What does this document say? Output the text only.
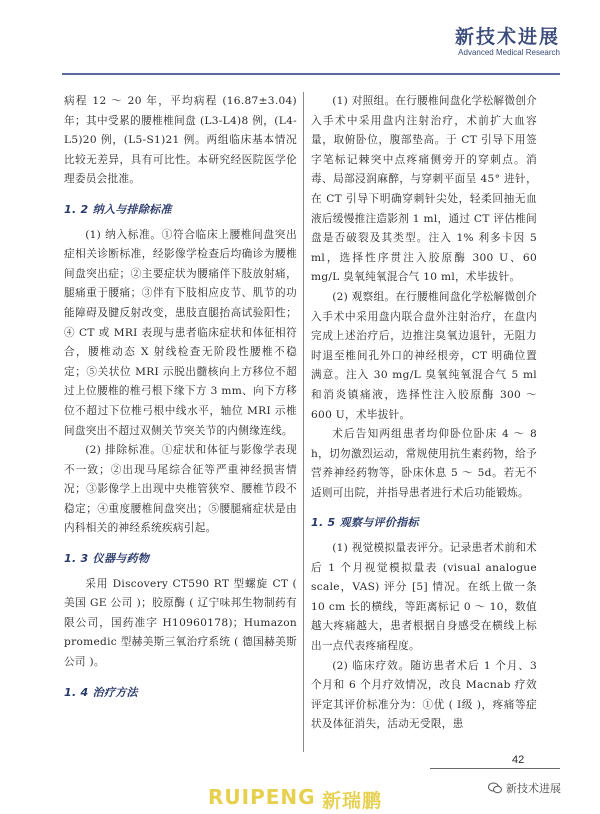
新技术进展
Advanced Medical Research

病程 12 ～ 20 年，平均病程 (16.87±3.04) 年；其中受累的腰椎椎间盘 (L3-L4)8 例，(L4-L5)20 例，(L5-S1)21 例。两组临床基本情况比较无差异，具有可比性。本研究经医院医学伦理委员会批准。

1. 2 纳入与排除标准

(1) 纳入标准。①符合临床上腰椎间盘突出症相关诊断标准，经影像学检查后均确诊为腰椎间盘突出症；②主要症状为腰痛伴下肢放射痛，腿痛重于腰痛；③伴有下肢相应皮节、肌节的功能障碍及腱反射改变，患肢直腿抬高试验阳性；④ CT 或 MRI 表现与患者临床症状和体征相符合，腰椎动态 X 射线检查无阶段性腰椎不稳定；⑤关状位 MRI 示脱出髓核向上方移位不超过上位腰椎的椎弓根下缘下方 3 mm、向下方移位不超过下位椎弓根中线水平，轴位 MRI 示椎间盘突出不超过双侧关节突关节的内侧缘连线。

(2) 排除标准。①症状和体征与影像学表现不一致；②出现马尾综合征等严重神经损害情况；③影像学上出现中央椎管狭窄、腰椎节段不稳定；④重度腰椎间盘突出；⑤腰腿痛症状是由内科相关的神经系统疾病引起。

1. 3 仪器与药物

采用 Discovery CT590 RT 型螺旋 CT ( 美国 GE 公司 )；胶原酶 ( 辽宁味邦生物制药有限公司，国药准字 H10960178)；Humazon promedic 型赫美斯三氧治疗系统 ( 德国赫美斯公司 )。

1. 4 治疗方法

(1) 对照组。在行腰椎间盘化学松解微创介入手术中采用盘内注射治疗，术前扩大血容量，取俯卧位，腹部垫高。于 CT 引导下用签字笔标记棘突中点疼痛侧旁开的穿刺点。消毒、局部浸润麻醉，与穿刺平面呈 45° 进针，在 CT 引导下明确穿刺针尖处，轻柔回抽无血液后缓慢推注造影剂 1 ml，通过 CT 评估椎间盘是否破裂及其类型。注入 1% 利多卡因 5 ml，选择性序贯注入胶原酶 300 U、60 mg/L 臭氧纯氧混合气 10 ml，术毕拔针。

(2) 观察组。在行腰椎间盘化学松解微创介入手术中采用盘内联合盘外注射治疗，在盘内完成上述治疗后，边推注臭氧边退针，无阻力时退至椎间孔外口的神经根旁，CT 明确位置满意。注入 30 mg/L 臭氧纯氧混合气 5 ml 和消炎镇痛液，选择性注入胶原酶 300 ～ 600 U，术毕拔针。

术后告知两组患者均仰卧位卧床 4 ～ 8 h，切勿激烈运动，常规使用抗生素药物，给予营养神经药物等，卧床休息 5 ～ 5d。若无不适则可出院，并指导患者进行术后功能锻炼。

1. 5 观察与评价指标

(1) 视觉模拟量表评分。记录患者术前和术后 1 个月视觉模拟量表 (visual analogue scale，VAS) 评分 [5] 情况。在纸上做一条 10 cm 长的横线，等距离标记 0 ～ 10，数值越大疼痛越大，患者根据自身感受在横线上标出一点代表疼痛程度。

(2) 临床疗效。随访患者术后 1 个月、3 个月和 6 个月疗效情况，改良 Macnab 疗效评定其评价标准分为：①优 ( Ⅰ级 )，疼痛等症状及体征消失，活动无受限，患

42
RUIPENG 新瑞鹏
新技术进展
